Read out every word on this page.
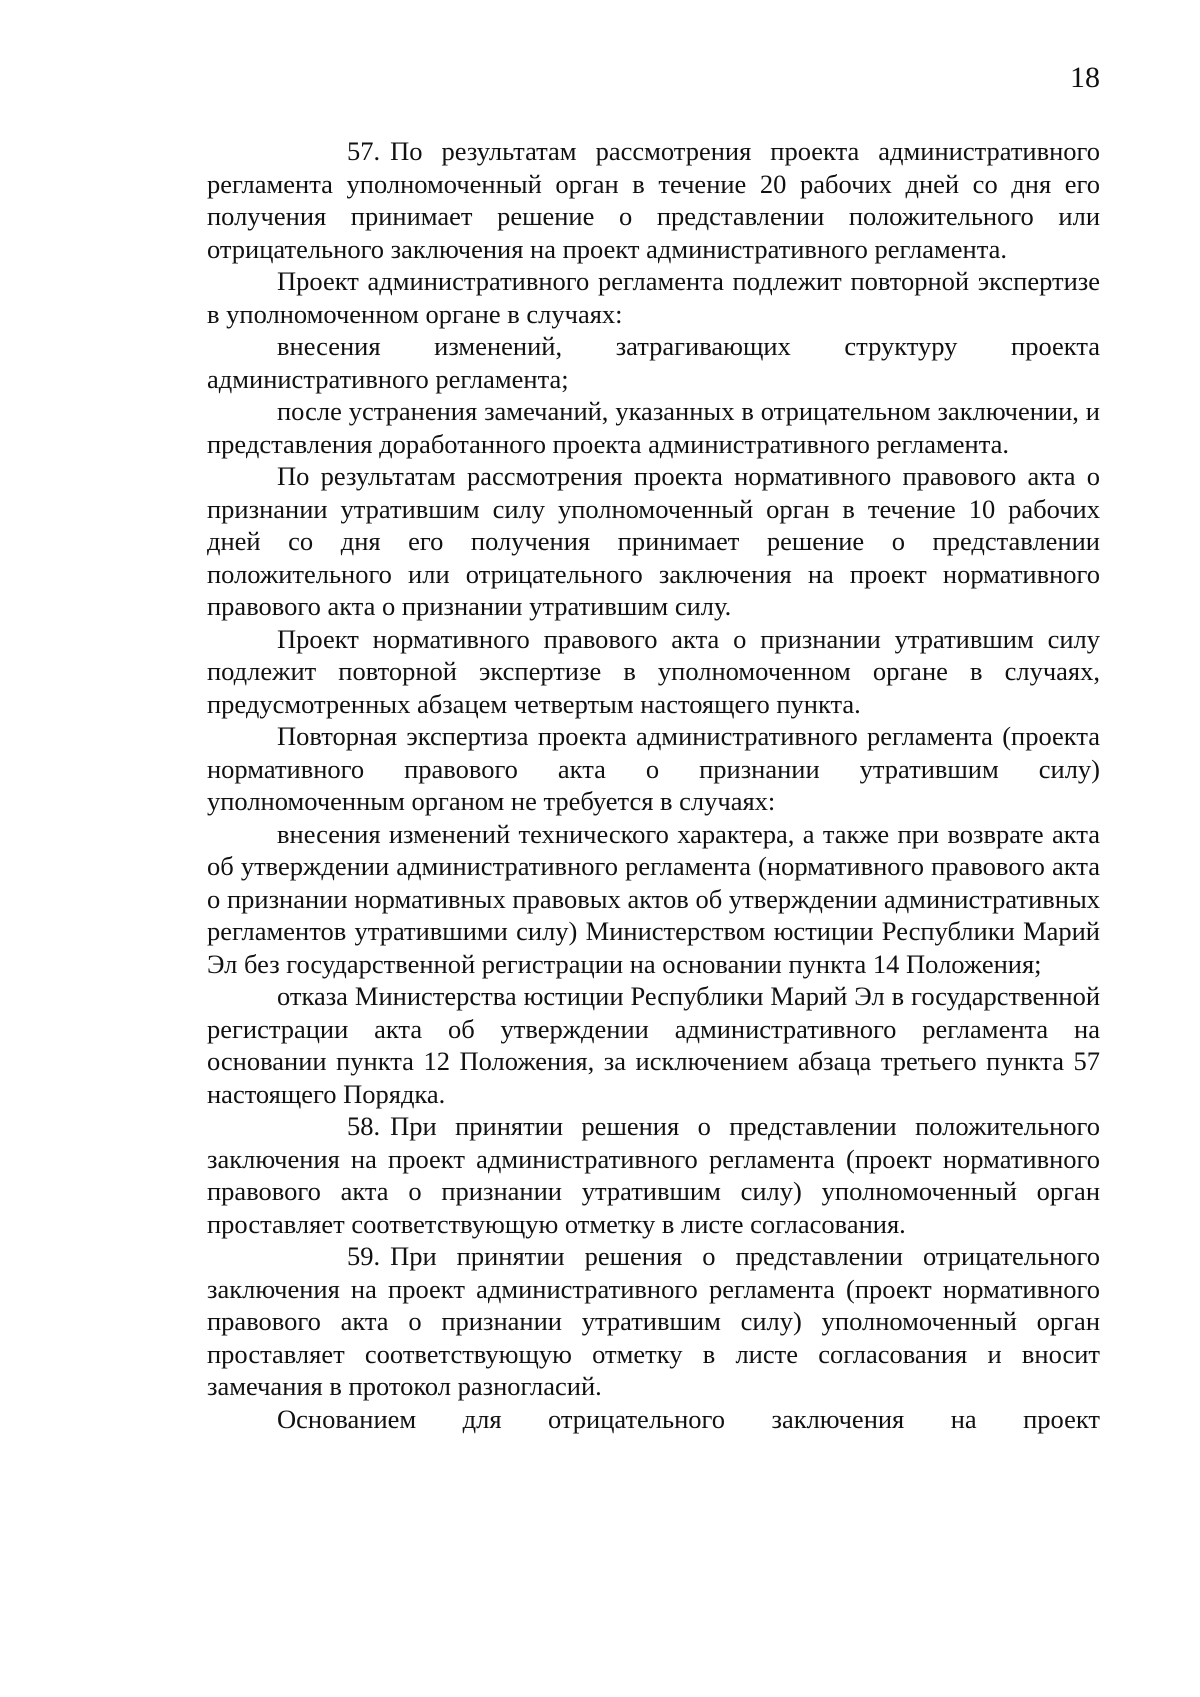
18

57. По результатам рассмотрения проекта административного регламента уполномоченный орган в течение 20 рабочих дней со дня его получения принимает решение о представлении положительного или отрицательного заключения на проект административного регламента.

Проект административного регламента подлежит повторной экспертизе в уполномоченном органе в случаях:

внесения изменений, затрагивающих структуру проекта административного регламента;

после устранения замечаний, указанных в отрицательном заключении, и представления доработанного проекта административного регламента.

По результатам рассмотрения проекта нормативного правового акта о признании утратившим силу уполномоченный орган в течение 10 рабочих дней со дня его получения принимает решение о представлении положительного или отрицательного заключения на проект нормативного правового акта о признании утратившим силу.

Проект нормативного правового акта о признании утратившим силу подлежит повторной экспертизе в уполномоченном органе в случаях, предусмотренных абзацем четвертым настоящего пункта.

Повторная экспертиза проекта административного регламента (проекта нормативного правового акта о признании утратившим силу) уполномоченным органом не требуется в случаях:

внесения изменений технического характера, а также при возврате акта об утверждении административного регламента (нормативного правового акта о признании нормативных правовых актов об утверждении административных регламентов утратившими силу) Министерством юстиции Республики Марий Эл без государственной регистрации на основании пункта 14 Положения;

отказа Министерства юстиции Республики Марий Эл в государственной регистрации акта об утверждении административного регламента на основании пункта 12 Положения, за исключением абзаца третьего пункта 57 настоящего Порядка.

58. При принятии решения о представлении положительного заключения на проект административного регламента (проект нормативного правового акта о признании утратившим силу) уполномоченный орган проставляет соответствующую отметку в листе согласования.

59. При принятии решения о представлении отрицательного заключения на проект административного регламента (проект нормативного правового акта о признании утратившим силу) уполномоченный орган проставляет соответствующую отметку в листе согласования и вносит замечания в протокол разногласий.

Основанием для отрицательного заключения на проект
